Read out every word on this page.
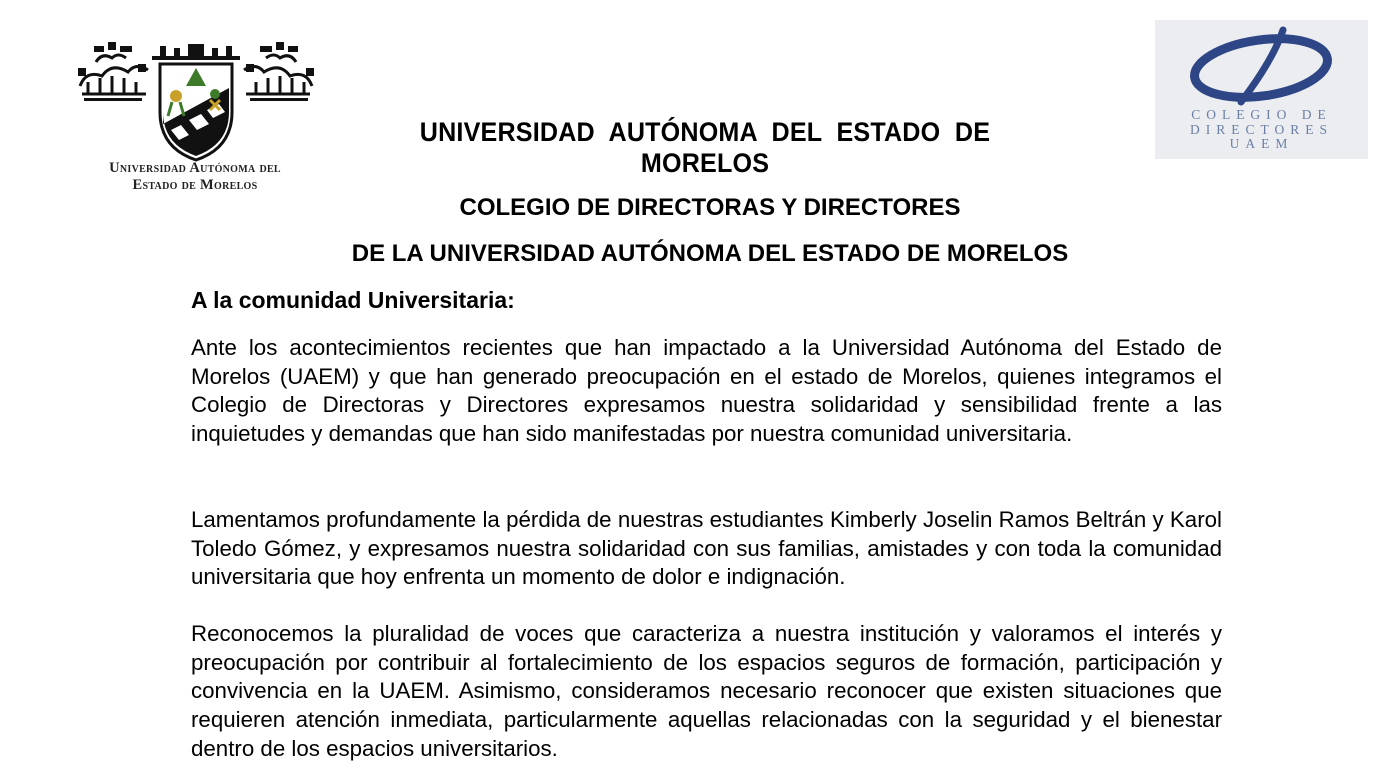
Universidad Autónoma del
Estado de Morelos
COLEGIO DE
DIRECTORES
UAEM
UNIVERSIDAD AUTÓNOMA DEL ESTADO DE MORELOS
COLEGIO DE DIRECTORAS Y DIRECTORES
DE LA UNIVERSIDAD AUTÓNOMA DEL ESTADO DE MORELOS
A la comunidad Universitaria:
Ante los acontecimientos recientes que han impactado a la Universidad Autónoma del Estado de Morelos (UAEM) y que han generado preocupación en el estado de Morelos, quienes integramos el Colegio de Directoras y Directores expresamos nuestra solidaridad y sensibilidad frente a las inquietudes y demandas que han sido manifestadas por nuestra comunidad universitaria.
Lamentamos profundamente la pérdida de nuestras estudiantes Kimberly Joselin Ramos Beltrán y Karol Toledo Gómez, y expresamos nuestra solidaridad con sus familias, amistades y con toda la comunidad universitaria que hoy enfrenta un momento de dolor e indignación.
Reconocemos la pluralidad de voces que caracteriza a nuestra institución y valoramos el interés y preocupación por contribuir al fortalecimiento de los espacios seguros de formación, participación y convivencia en la UAEM. Asimismo, consideramos necesario reconocer que existen situaciones que requieren atención inmediata, particularmente aquellas relacionadas con la seguridad y el bienestar dentro de los espacios universitarios.
